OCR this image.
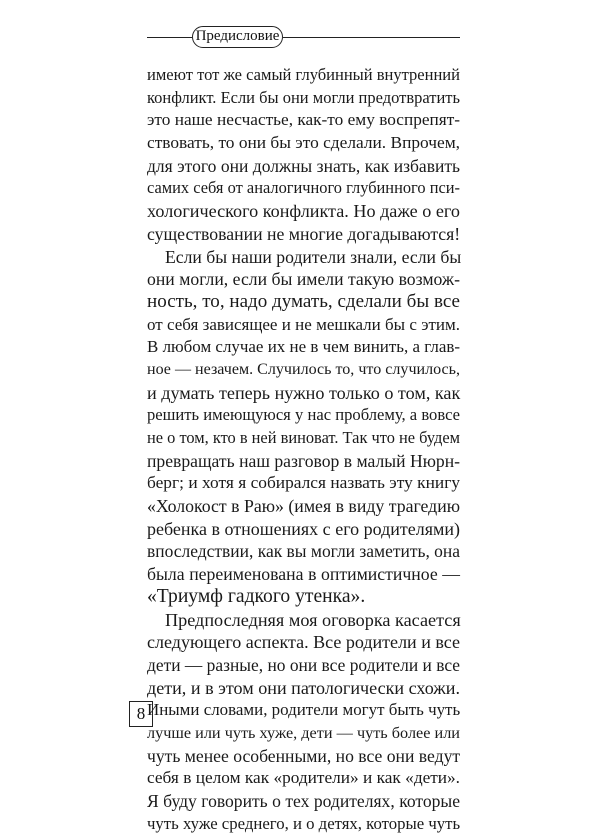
Предисловие
имеют тот же самый глубинный внутренний
конфликт. Если бы они могли предотвратить
это наше несчастье, как-то ему воспрепят-
ствовать, то они бы это сделали. Впрочем,
для этого они должны знать, как избавить
самих себя от аналогичного глубинного пси-
хологического конфликта. Но даже о его
существовании не многие догадываются!
Если бы наши родители знали, если бы
они могли, если бы имели такую возмож-
ность, то, надо думать, сделали бы все
от себя зависящее и не мешкали бы с этим.
В любом случае их не в чем винить, а глав-
ное — незачем. Случилось то, что случилось,
и думать теперь нужно только о том, как
решить имеющуюся у нас проблему, а вовсе
не о том, кто в ней виноват. Так что не будем
превращать наш разговор в малый Нюрн-
берг; и хотя я собирался назвать эту книгу
«Холокост в Раю» (имея в виду трагедию
ребенка в отношениях с его родителями)
впоследствии, как вы могли заметить, она
была переименована в оптимистичное —
«Триумф гадкого утенка».
Предпоследняя моя оговорка касается
следующего аспекта. Все родители и все
дети — разные, но они все родители и все
дети, и в этом они патологически схожи.
Иными словами, родители могут быть чуть
лучше или чуть хуже, дети — чуть более или
чуть менее особенными, но все они ведут
себя в целом как «родители» и как «дети».
Я буду говорить о тех родителях, которые
чуть хуже среднего, и о детях, которые чуть
8
